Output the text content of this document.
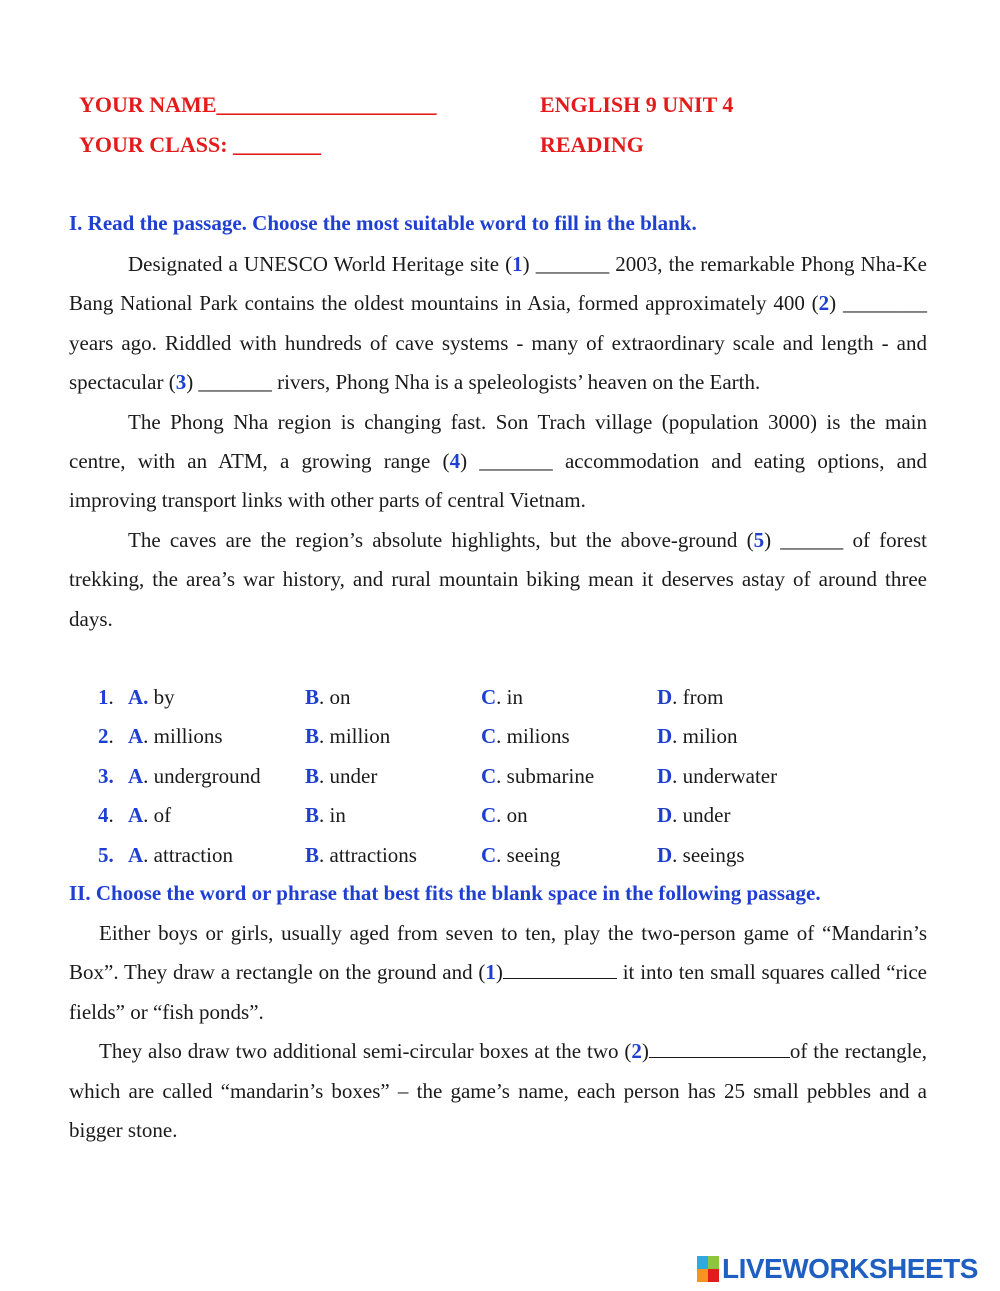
YOUR NAME____________________
YOUR CLASS: ________
ENGLISH 9 UNIT 4
READING
I. Read the passage. Choose the most suitable word to fill in the blank.

Designated a UNESCO World Heritage site (1) _______ 2003, the remarkable Phong Nha-Ke Bang National Park contains the oldest mountains in Asia, formed approximately 400 (2) ________ years ago. Riddled with hundreds of cave systems - many of extraordinary scale and length - and spectacular (3) _______ rivers, Phong Nha is a speleologists’ heaven on the Earth.

The Phong Nha region is changing fast. Son Trach village (population 3000) is the main centre, with an ATM, a growing range (4) _______ accommodation and eating options, and improving transport links with other parts of central Vietnam.

The caves are the region’s absolute highlights, but the above-ground (5) ______ of forest trekking, the area’s war history, and rural mountain biking mean it deserves astay of around three days.

1. A. by	B. on	C. in	D. from
2. A. millions	B. million	C. milions	D. milion
3. A. underground B. under	C. submarine	D. underwater
4. A. of	B. in	C. on	D. under
5. A. attraction	B. attractions	C. seeing	D. seeings
II. Choose the word or phrase that best fits the blank space in the following passage.

Either boys or girls, usually aged from seven to ten, play the two-person game of “Mandarin’s Box”. They draw a rectangle on the ground and (1)	it into ten small squares called “rice fields” or “fish ponds”.

They also draw two additional semi-circular boxes at the two (2)	of the rectangle, which are called “mandarin’s boxes” – the game’s name, each person has 25 small pebbles and a bigger stone.

LIVEWORKSHEETS
